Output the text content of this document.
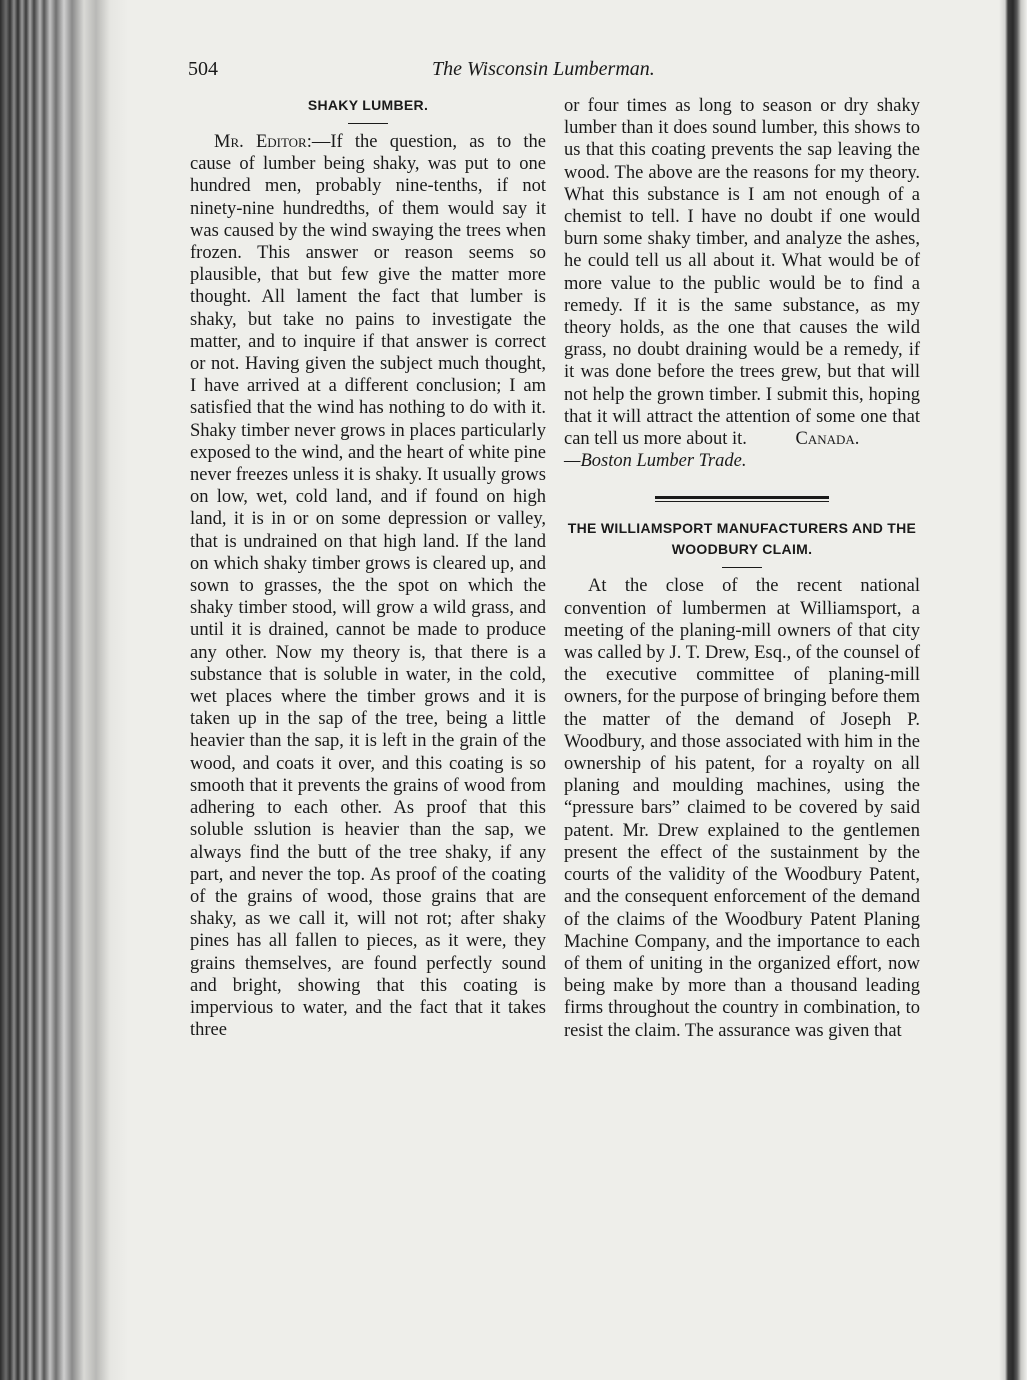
504	The Wisconsin Lumberman.
SHAKY LUMBER.

Mr. Editor:—If the question, as to the cause of lumber being shaky, was put to one hundred men, probably nine-tenths, if not ninety-nine hundredths, of them would say it was caused by the wind swaying the trees when frozen. This answer or reason seems so plausible, that but few give the matter more thought. All lament the fact that lumber is shaky, but take no pains to investigate the matter, and to inquire if that answer is correct or not. Having given the subject much thought, I have arrived at a different conclusion; I am satisfied that the wind has nothing to do with it. Shaky timber never grows in places particularly exposed to the wind, and the heart of white pine never freezes unless it is shaky. It usually grows on low, wet, cold land, and if found on high land, it is in or on some depression or valley, that is undrained on that high land. If the land on which shaky timber grows is cleared up, and sown to grasses, the the spot on which the shaky timber stood, will grow a wild grass, and until it is drained, cannot be made to produce any other. Now my theory is, that there is a substance that is soluble in water, in the cold, wet places where the timber grows and it is taken up in the sap of the tree, being a little heavier than the sap, it is left in the grain of the wood, and coats it over, and this coating is so smooth that it prevents the grains of wood from adhering to each other. As proof that this soluble sslution is heavier than the sap, we always find the butt of the tree shaky, if any part, and never the top. As proof of the coating of the grains of wood, those grains that are shaky, as we call it, will not rot; after shaky pines has all fallen to pieces, as it were, they grains themselves, are found perfectly sound and bright, showing that this coating is impervious to water, and the fact that it takes three

or four times as long to season or dry shaky lumber than it does sound lumber, this shows to us that this coating prevents the sap leaving the wood. The above are the reasons for my theory. What this substance is I am not enough of a chemist to tell. I have no doubt if one would burn some shaky timber, and analyze the ashes, he could tell us all about it. What would be of more value to the public would be to find a remedy. If it is the same substance, as my theory holds, as the one that causes the wild grass, no doubt draining would be a remedy, if it was done before the trees grew, but that will not help the grown timber. I submit this, hoping that it will attract the attention of some one that can tell us more about it.	Canada.

—Boston Lumber Trade.

THE WILLIAMSPORT MANUFACTURERS AND THE WOODBURY CLAIM.

At the close of the recent national convention of lumbermen at Williamsport, a meeting of the planing-mill owners of that city was called by J. T. Drew, Esq., of the counsel of the executive committee of planing-mill owners, for the purpose of bringing before them the matter of the demand of Joseph P. Woodbury, and those associated with him in the ownership of his patent, for a royalty on all planing and moulding machines, using the “pressure bars” claimed to be covered by said patent. Mr. Drew explained to the gentlemen present the effect of the sustainment by the courts of the validity of the Woodbury Patent, and the consequent enforcement of the demand of the claims of the Woodbury Patent Planing Machine Company, and the importance to each of them of uniting in the organized effort, now being make by more than a thousand leading firms throughout the country in combination, to resist the claim. The assurance was given that
